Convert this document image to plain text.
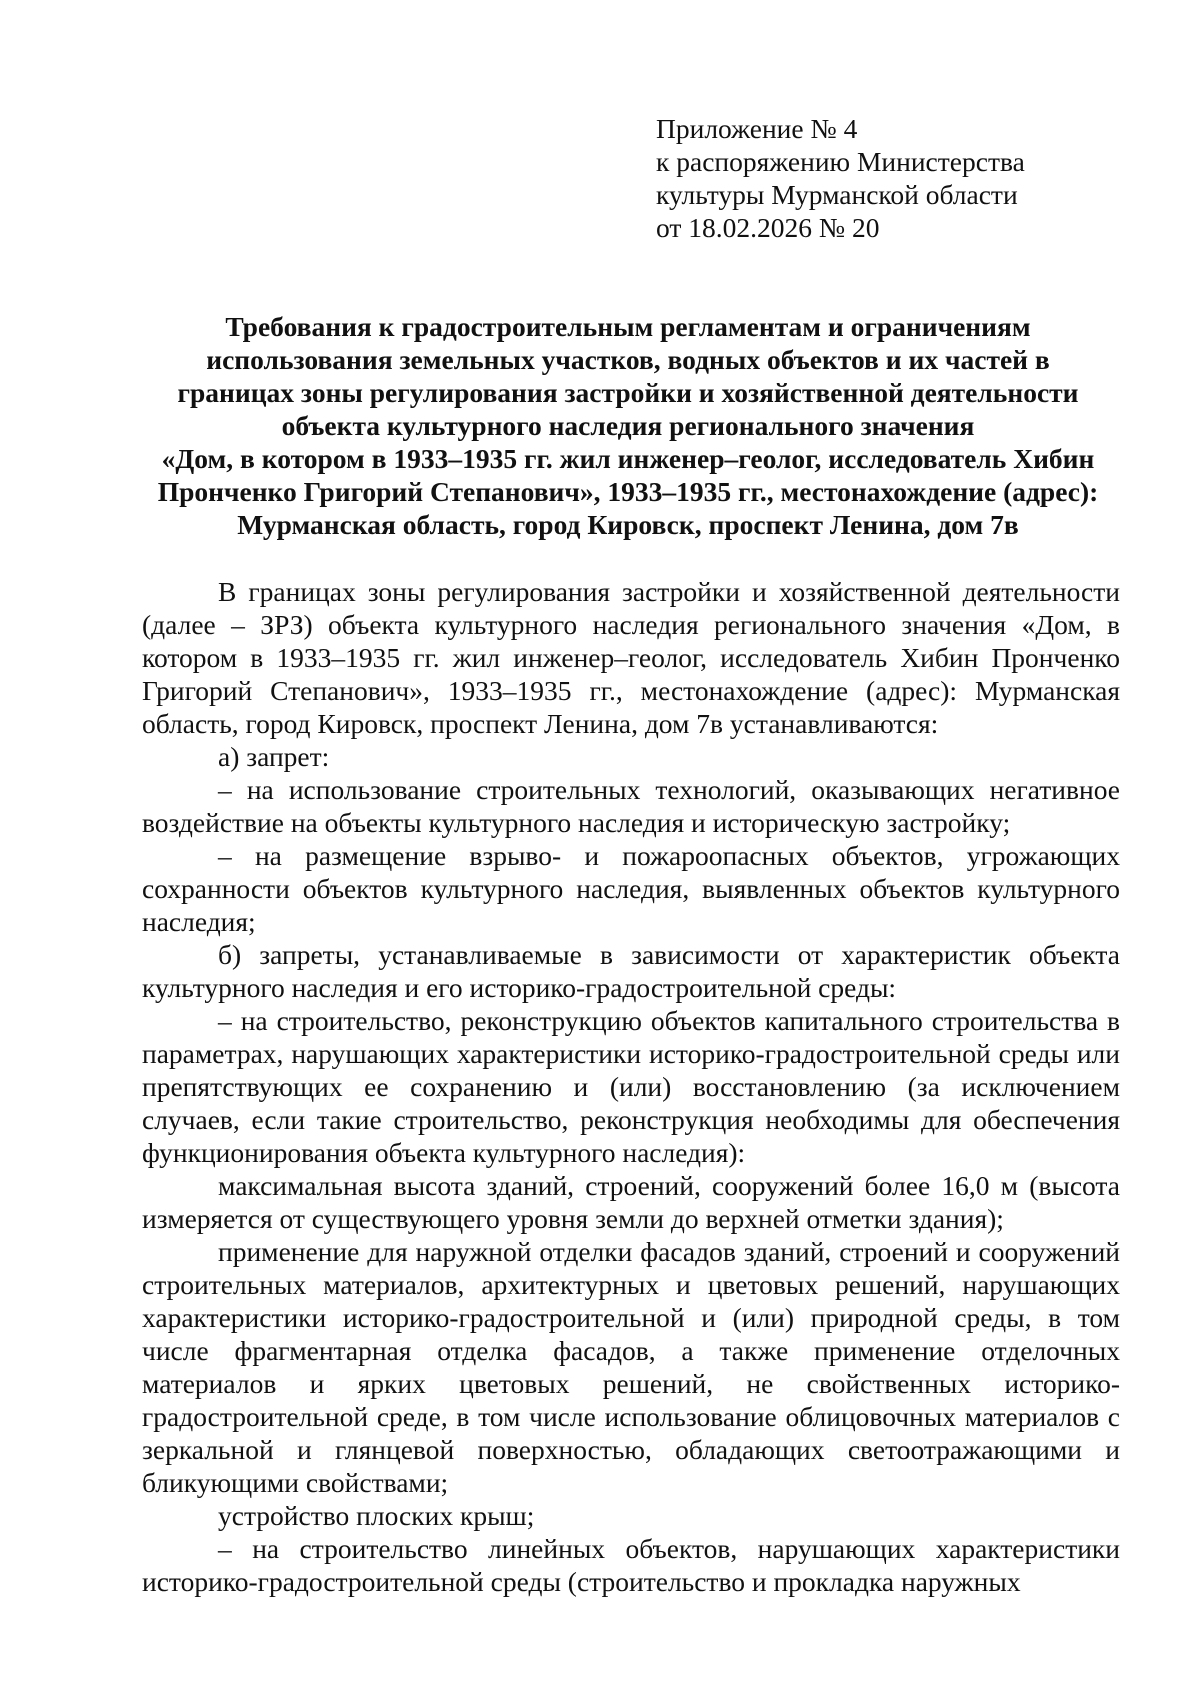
Приложение № 4
к распоряжению Министерства
культуры Мурманской области
от 18.02.2026 № 20
Требования к градостроительным регламентам и ограничениям
использования земельных участков, водных объектов и их частей в
границах зоны регулирования застройки и хозяйственной деятельности
объекта культурного наследия регионального значения
«Дом, в котором в 1933–1935 гг. жил инженер–геолог, исследователь Хибин
Пронченко Григорий Степанович», 1933–1935 гг., местонахождение (адрес):
Мурманская область, город Кировск, проспект Ленина, дом 7в

В границах зоны регулирования застройки и хозяйственной деятельности (далее – ЗРЗ) объекта культурного наследия регионального значения «Дом, в котором в 1933–1935 гг. жил инженер–геолог, исследователь Хибин Пронченко Григорий Степанович», 1933–1935 гг., местонахождение (адрес): Мурманская область, город Кировск, проспект Ленина, дом 7в устанавливаются:

а) запрет:

– на использование строительных технологий, оказывающих негативное воздействие на объекты культурного наследия и историческую застройку;

– на размещение взрыво- и пожароопасных объектов, угрожающих сохранности объектов культурного наследия, выявленных объектов культурного наследия;

б) запреты, устанавливаемые в зависимости от характеристик объекта культурного наследия и его историко-градостроительной среды:

– на строительство, реконструкцию объектов капитального строительства в параметрах, нарушающих характеристики историко-градостроительной среды или препятствующих ее сохранению и (или) восстановлению (за исключением случаев, если такие строительство, реконструкция необходимы для обеспечения функционирования объекта культурного наследия):

максимальная высота зданий, строений, сооружений более 16,0 м (высота измеряется от существующего уровня земли до верхней отметки здания);

применение для наружной отделки фасадов зданий, строений и сооружений строительных материалов, архитектурных и цветовых решений, нарушающих характеристики историко-градостроительной и (или) природной среды, в том числе фрагментарная отделка фасадов, а также применение отделочных материалов и ярких цветовых решений, не свойственных историко-градостроительной среде, в том числе использование облицовочных материалов с зеркальной и глянцевой поверхностью, обладающих светоотражающими и бликующими свойствами;

устройство плоских крыш;

– на строительство линейных объектов, нарушающих характеристики историко-градостроительной среды (строительство и прокладка наружных
